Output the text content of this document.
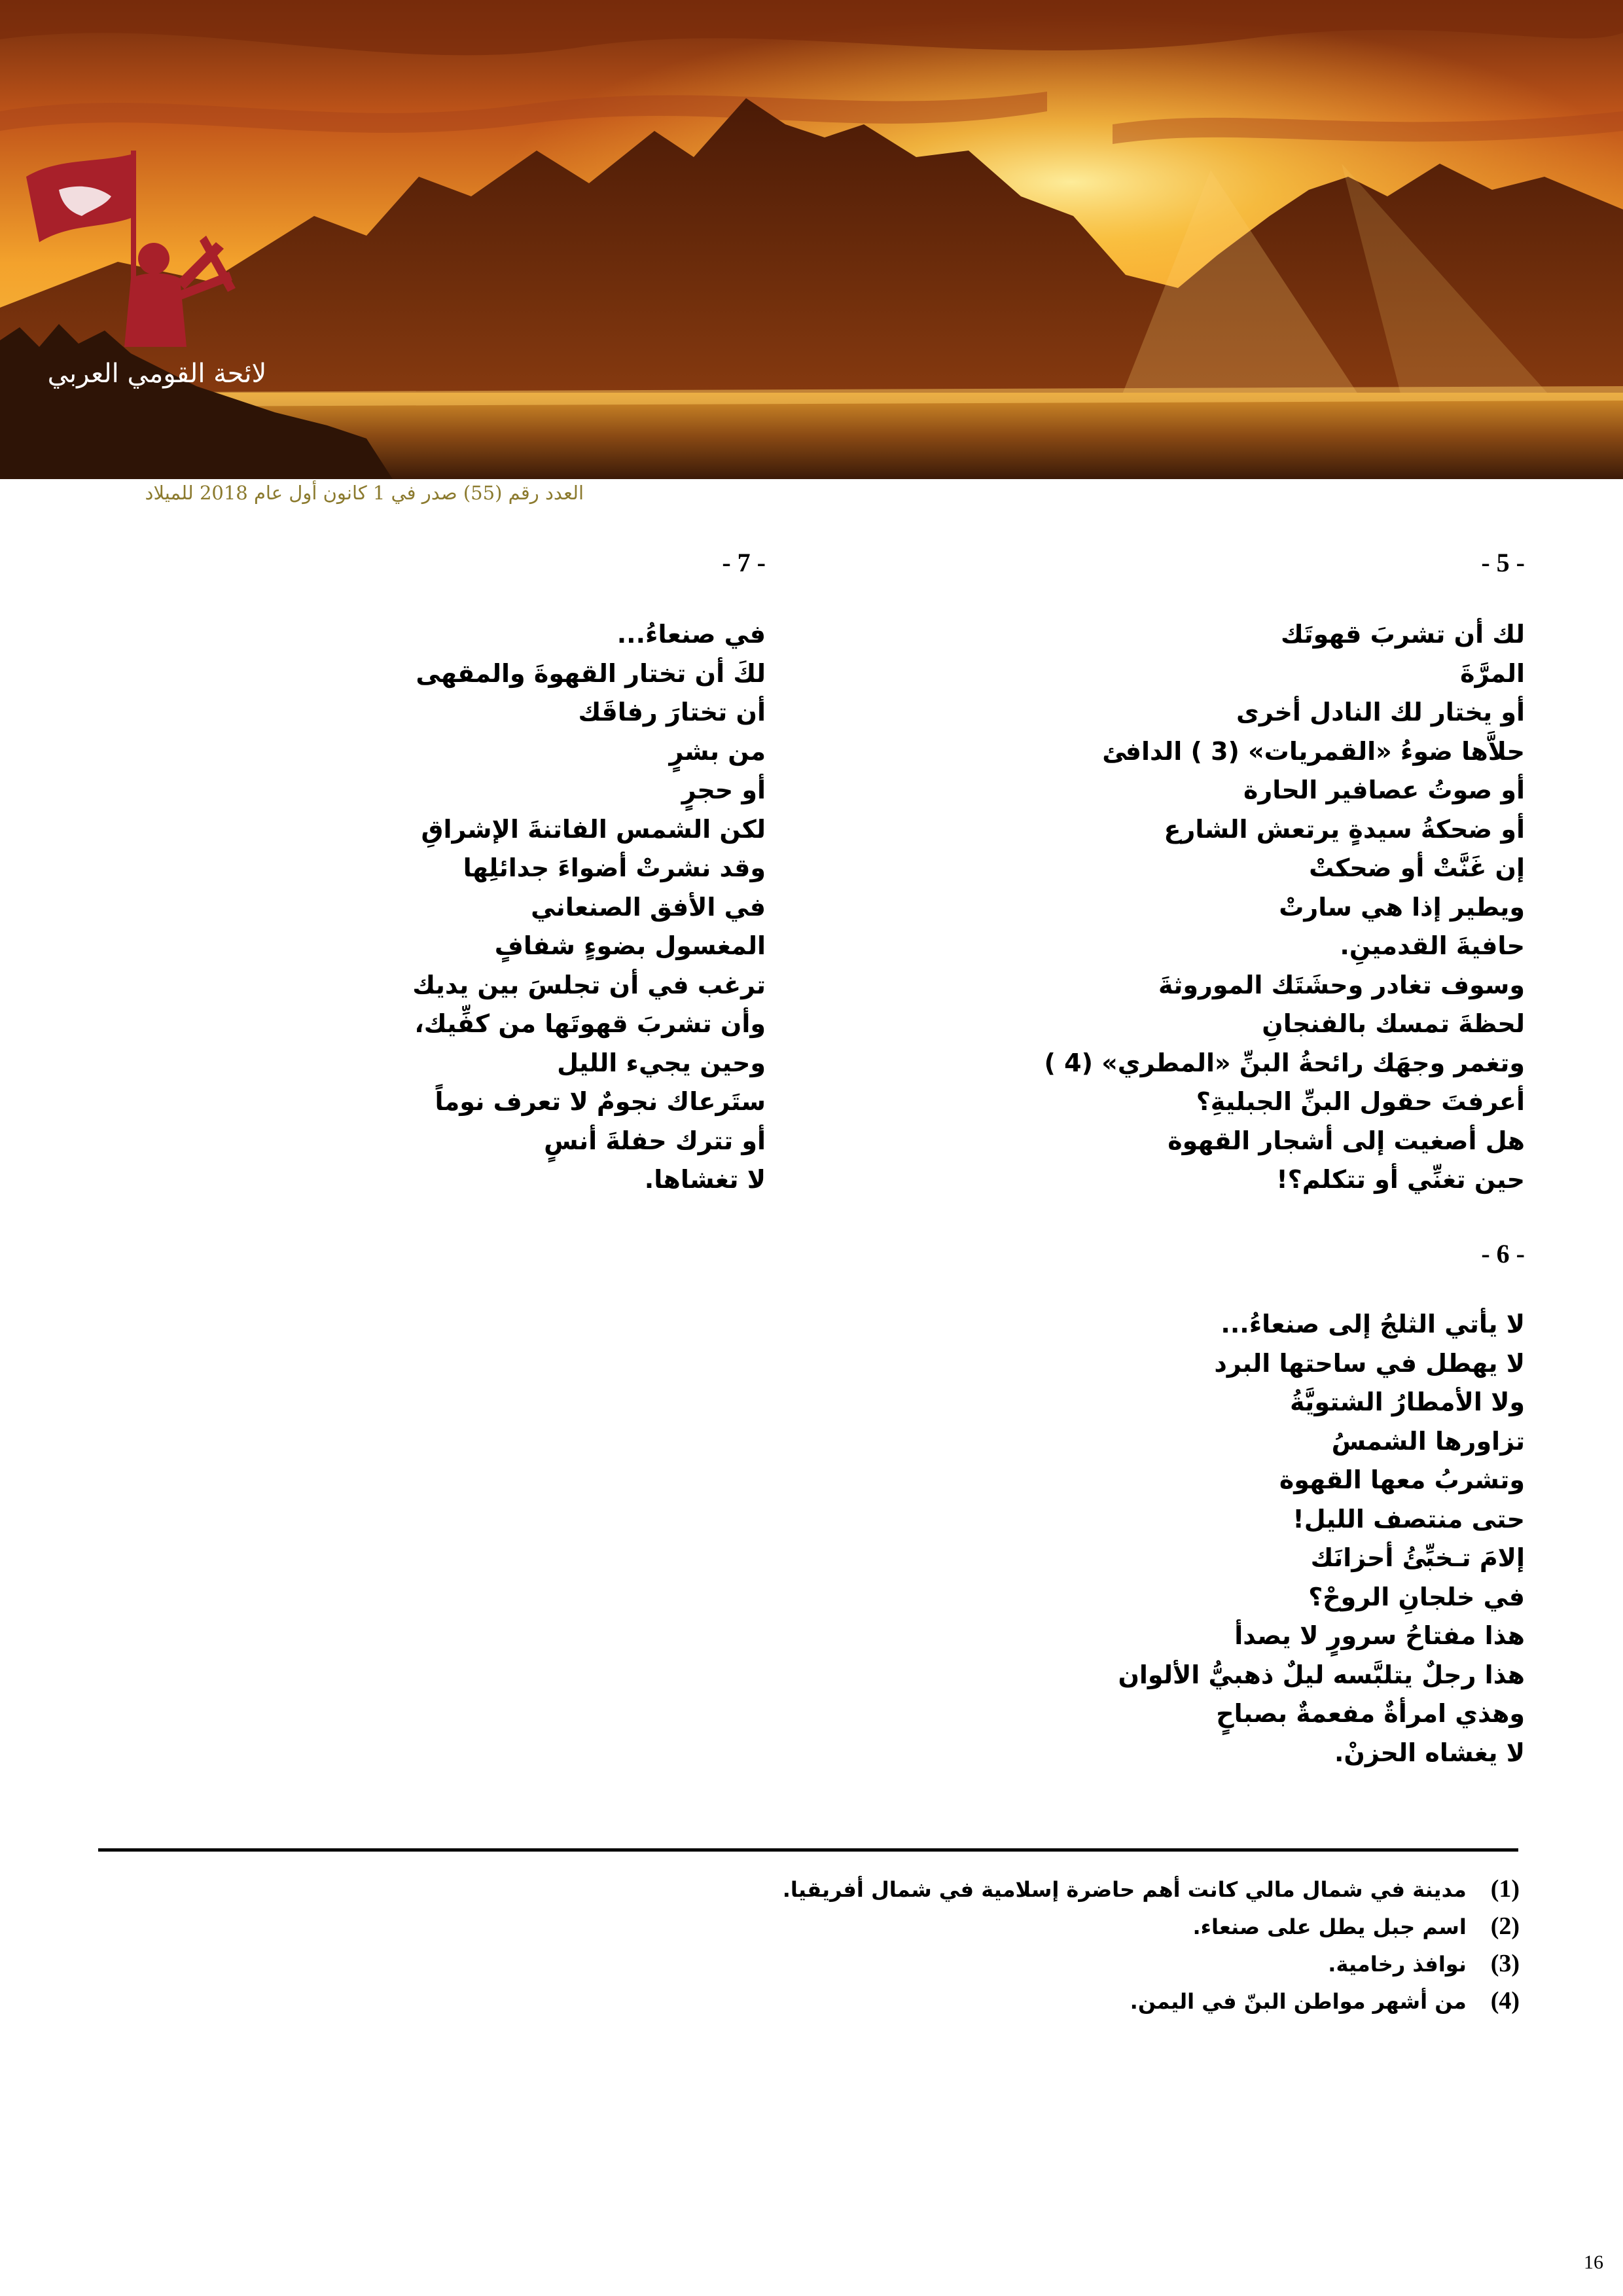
لائحة القومي العربي
العدد رقم (55) صدر في 1 كانون أول عام 2018 للميلاد
- 5 -
لك أن تشربَ قهوتَك
المرَّةَ
أو يختار لك النادل أخرى
حلاَّها ضوءُ «القمريات» (3 ) الدافئ
أو صوتُ عصافير الحارة
أو ضحكةُ سيدةٍ يرتعش الشارع
إن غَنَّتْ أو ضحكتْ
ويطير إذا هي سارتْ
حافيةَ القدمينِ.
وسوف تغادر وحشَتَك الموروثةَ
لحظةَ تمسك بالفنجانِ
وتغمر وجهَك رائحةُ البنِّ «المطري» (4 )
أعرفتَ حقول البنِّ الجبليةِ؟
هل أصغيت إلى أشجار القهوة
حين تغنِّي أو تتكلم؟!
- 6 -
لا يأتي الثلجُ إلى صنعاءُ...
لا يهطل في ساحتها البرد
ولا الأمطارُ الشتويَّةُ
تزاورها الشمسُ
وتشربُ معها القهوة
حتى منتصف الليل!
إلامَ تـخبِّئُ أحزانَك
في خلجانِ الروحْ؟
هذا مفتاحُ سرورٍ لا يصدأ
هذا رجلٌ يتلبَّسه ليلٌ ذهبيُّ الألوان
وهذي امرأةٌ مفعمةٌ بصباحٍ
لا يغشاه الحزنْ.
- 7 -
في صنعاءُ...
لكَ أن تختار القهوةَ والمقهى
أن تختارَ رفاقَك
من بشرٍ
أو حجرٍ
لكن الشمس الفاتنةَ الإشراقِ
وقد نشرتْ أضواءَ جدائلِها
في الأفق الصنعاني
المغسول بضوءٍ شفافٍ
ترغب في أن تجلسَ بين يديك
وأن تشربَ قهوتَها من كفِّيك،
وحين يجيء الليل
ستَرعاك نجومٌ لا تعرف نوماً
أو تترك حفلةَ أنسٍ
لا تغشاها.
(1) مدينة في شمال مالي كانت أهم حاضرة إسلامية في شمال أفريقيا.
(2) اسم جبل يطل على صنعاء.
(3) نوافذ رخامية.
(4) من أشهر مواطن البنّ في اليمن.
16
